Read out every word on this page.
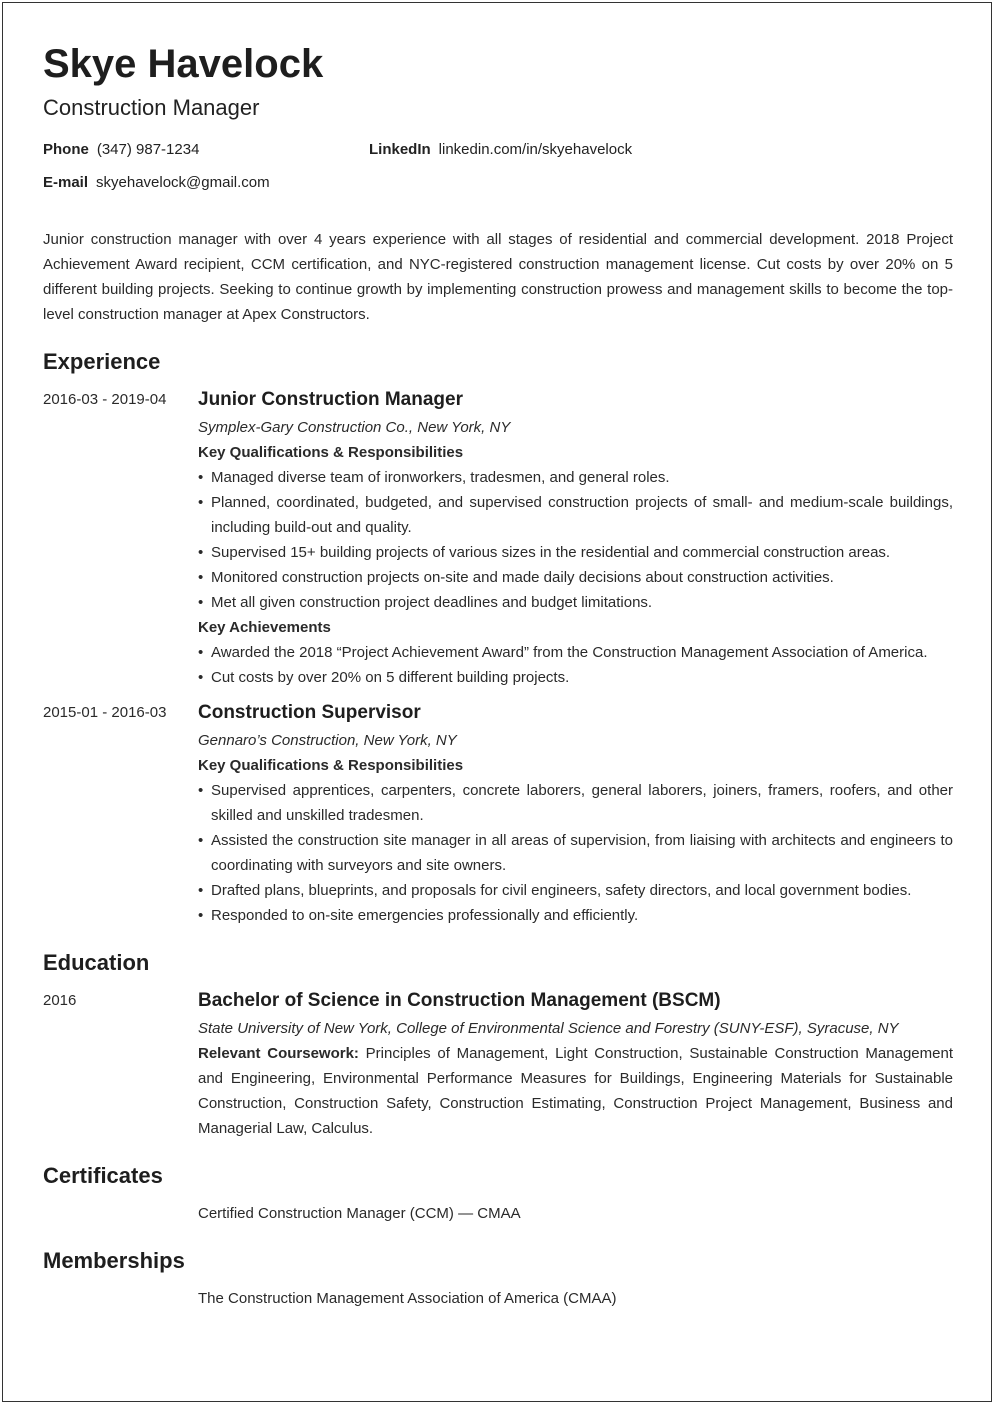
Skye Havelock
Construction Manager
Phone (347) 987-1234	LinkedIn linkedin.com/in/skyehavelock
E-mail skyehavelock@gmail.com
Junior construction manager with over 4 years experience with all stages of residential and commercial development. 2018 Project Achievement Award recipient, CCM certification, and NYC-registered construction management license. Cut costs by over 20% on 5 different building projects. Seeking to continue growth by implementing construction prowess and management skills to become the top-level construction manager at Apex Constructors.
Experience
2016-03 - 2019-04	Junior Construction Manager
Symplex-Gary Construction Co., New York, NY
Key Qualifications & Responsibilities
• Managed diverse team of ironworkers, tradesmen, and general roles.
• Planned, coordinated, budgeted, and supervised construction projects of small- and medium-scale buildings, including build-out and quality.
• Supervised 15+ building projects of various sizes in the residential and commercial construction areas.
• Monitored construction projects on-site and made daily decisions about construction activities.
• Met all given construction project deadlines and budget limitations.
Key Achievements
• Awarded the 2018 “Project Achievement Award” from the Construction Management Association of America.
• Cut costs by over 20% on 5 different building projects.
2015-01 - 2016-03	Construction Supervisor
Gennaro’s Construction, New York, NY
Key Qualifications & Responsibilities
• Supervised apprentices, carpenters, concrete laborers, general laborers, joiners, framers, roofers, and other skilled and unskilled tradesmen.
• Assisted the construction site manager in all areas of supervision, from liaising with architects and engineers to coordinating with surveyors and site owners.
• Drafted plans, blueprints, and proposals for civil engineers, safety directors, and local government bodies.
• Responded to on-site emergencies professionally and efficiently.
Education
2016	Bachelor of Science in Construction Management (BSCM)
State University of New York, College of Environmental Science and Forestry (SUNY-ESF), Syracuse, NY
Relevant Coursework: Principles of Management, Light Construction, Sustainable Construction Management and Engineering, Environmental Performance Measures for Buildings, Engineering Materials for Sustainable Construction, Construction Safety, Construction Estimating, Construction Project Management, Business and Managerial Law, Calculus.
Certificates
Certified Construction Manager (CCM) — CMAA
Memberships
The Construction Management Association of America (CMAA)
